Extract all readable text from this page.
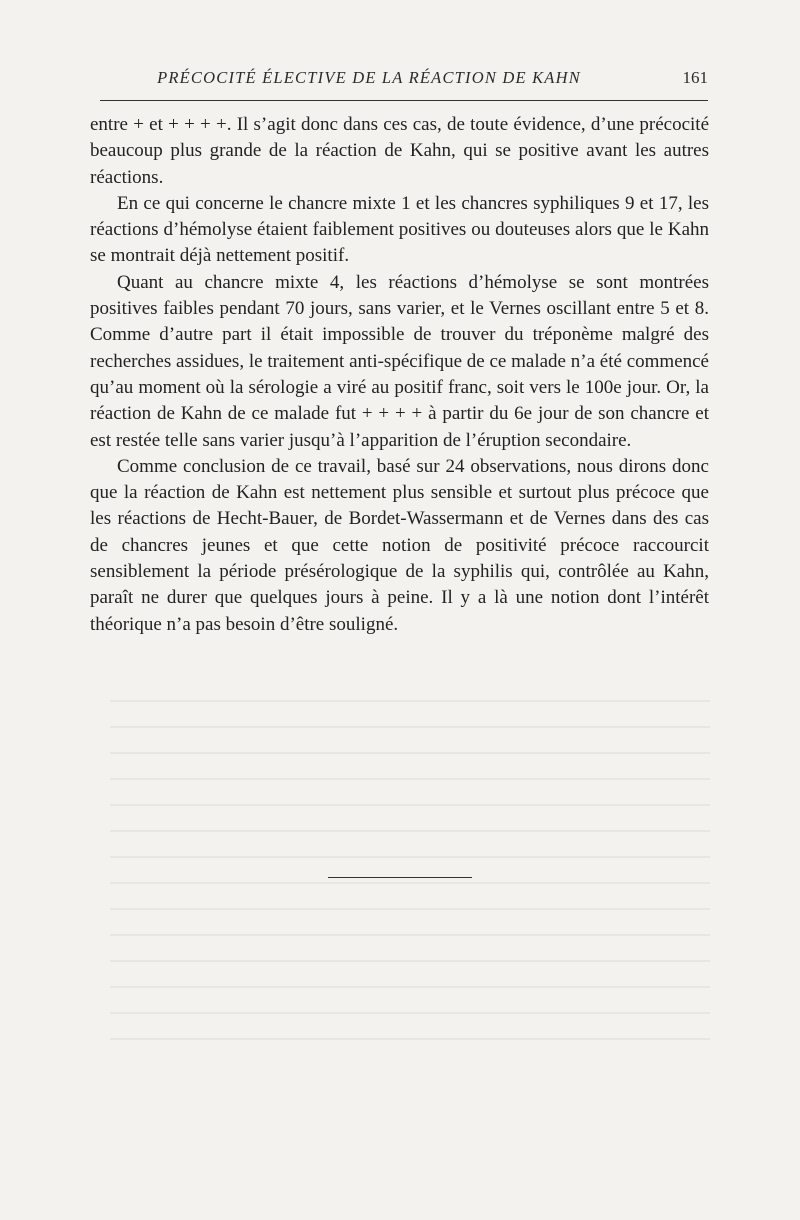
PRÉCOCITÉ ÉLECTIVE DE LA RÉACTION DE KAHN	161

entre + et + + + +. Il s’agit donc dans ces cas, de toute évidence, d’une précocité beaucoup plus grande de la réaction de Kahn, qui se positive avant les autres réactions.

En ce qui concerne le chancre mixte 1 et les chancres syphiliques 9 et 17, les réactions d’hémolyse étaient faiblement positives ou douteuses alors que le Kahn se montrait déjà nettement positif.

Quant au chancre mixte 4, les réactions d’hémolyse se sont montrées positives faibles pendant 70 jours, sans varier, et le Vernes oscillant entre 5 et 8. Comme d’autre part il était impossible de trouver du tréponème malgré des recherches assidues, le traitement anti-spécifique de ce malade n’a été commencé qu’au moment où la sérologie a viré au positif franc, soit vers le 100e jour. Or, la réaction de Kahn de ce malade fut + + + + à partir du 6e jour de son chancre et est restée telle sans varier jusqu’à l’apparition de l’éruption secondaire.

Comme conclusion de ce travail, basé sur 24 observations, nous dirons donc que la réaction de Kahn est nettement plus sensible et surtout plus précoce que les réactions de Hecht-Bauer, de Bordet-Wassermann et de Vernes dans des cas de chancres jeunes et que cette notion de positivité précoce raccourcit sensiblement la période présérologique de la syphilis qui, contrôlée au Kahn, paraît ne durer que quelques jours à peine. Il y a là une notion dont l’intérêt théorique n’a pas besoin d’être souligné.
